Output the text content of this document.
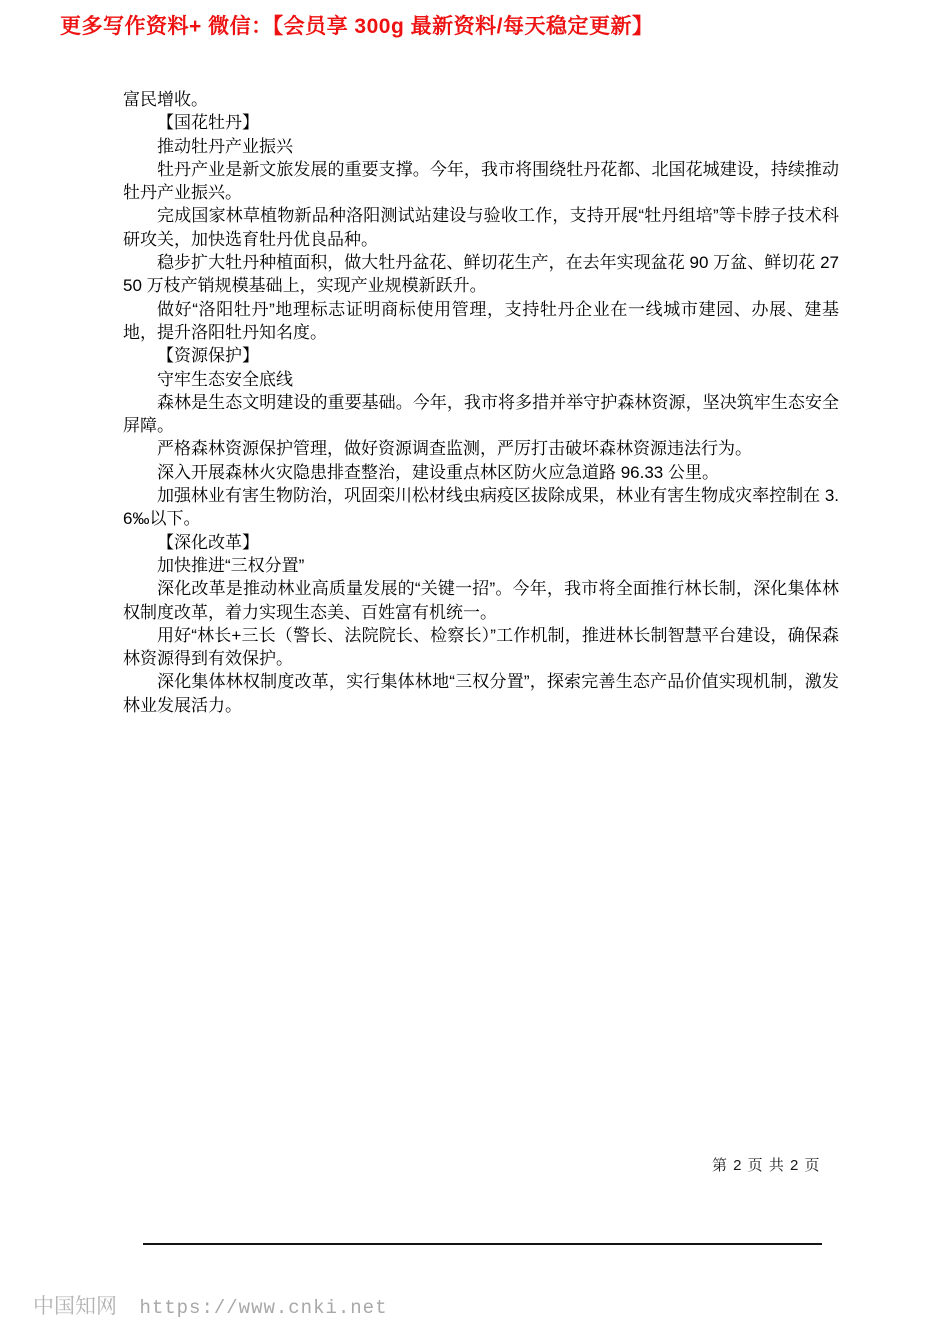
更多写作资料+ 微信：【会员享 300g 最新资料/每天稳定更新】

富民增收。

【国花牡丹】

推动牡丹产业振兴

牡丹产业是新文旅发展的重要支撑。今年，我市将围绕牡丹花都、北国花城建设，持续推动牡丹产业振兴。

完成国家林草植物新品种洛阳测试站建设与验收工作，支持开展“牡丹组培”等卡脖子技术科研攻关，加快选育牡丹优良品种。

稳步扩大牡丹种植面积，做大牡丹盆花、鲜切花生产，在去年实现盆花 90 万盆、鲜切花 2750 万枝产销规模基础上，实现产业规模新跃升。

做好“洛阳牡丹”地理标志证明商标使用管理，支持牡丹企业在一线城市建园、办展、建基地，提升洛阳牡丹知名度。

【资源保护】

守牢生态安全底线

森林是生态文明建设的重要基础。今年，我市将多措并举守护森林资源，坚决筑牢生态安全屏障。

严格森林资源保护管理，做好资源调查监测，严厉打击破坏森林资源违法行为。

深入开展森林火灾隐患排查整治，建设重点林区防火应急道路 96.33 公里。

加强林业有害生物防治，巩固栾川松材线虫病疫区拔除成果，林业有害生物成灾率控制在 3.6‰以下。

【深化改革】

加快推进“三权分置”

深化改革是推动林业高质量发展的“关键一招”。今年，我市将全面推行林长制，深化集体林权制度改革，着力实现生态美、百姓富有机统一。

用好“林长+三长（警长、法院院长、检察长）”工作机制，推进林长制智慧平台建设，确保森林资源得到有效保护。

深化集体林权制度改革，实行集体林地“三权分置”，探索完善生态产品价值实现机制，激发林业发展活力。

第 2 页 共 2 页
中国知网 https://www.cnki.net
